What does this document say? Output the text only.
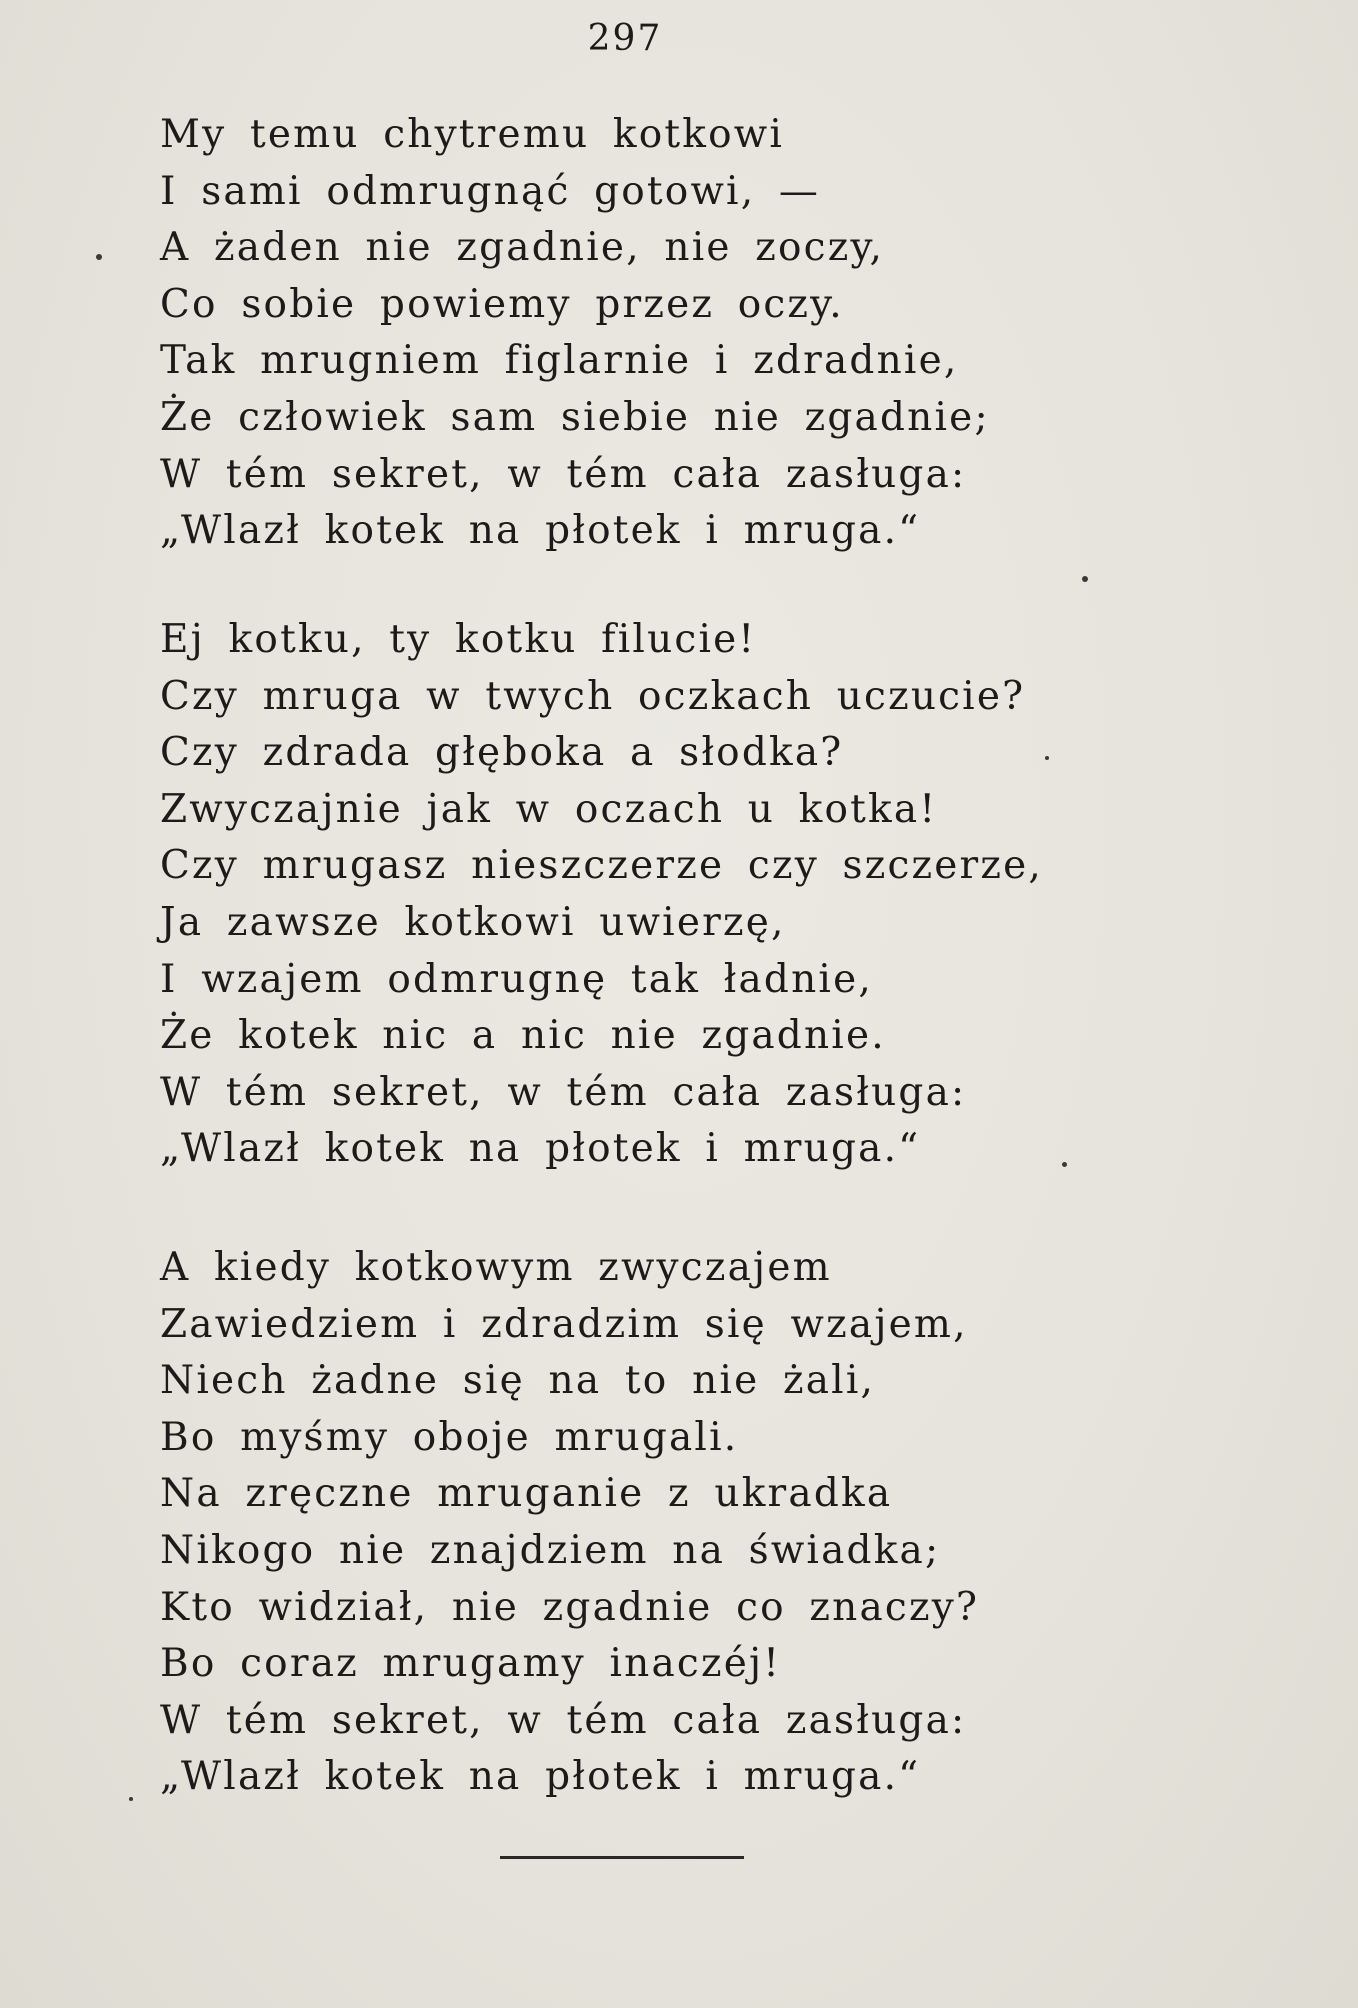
297
My temu chytremu kotkowi
I sami odmrugnąć gotowi, —
A żaden nie zgadnie, nie zoczy,
Co sobie powiemy przez oczy.
Tak mrugniem figlarnie i zdradnie,
Że człowiek sam siebie nie zgadnie;
W tém sekret, w tém cała zasługa:
„Wlazł kotek na płotek i mruga.“
Ej kotku, ty kotku filucie!
Czy mruga w twych oczkach uczucie?
Czy zdrada głęboka a słodka?
Zwyczajnie jak w oczach u kotka!
Czy mrugasz nieszczerze czy szczerze,
Ja zawsze kotkowi uwierzę,
I wzajem odmrugnę tak ładnie,
Że kotek nic a nic nie zgadnie.
W tém sekret, w tém cała zasługa:
„Wlazł kotek na płotek i mruga.“
A kiedy kotkowym zwyczajem
Zawiedziem i zdradzim się wzajem,
Niech żadne się na to nie żali,
Bo myśmy oboje mrugali.
Na zręczne mruganie z ukradka
Nikogo nie znajdziem na świadka;
Kto widział, nie zgadnie co znaczy?
Bo coraz mrugamy inaczéj!
W tém sekret, w tém cała zasługa:
„Wlazł kotek na płotek i mruga.“
